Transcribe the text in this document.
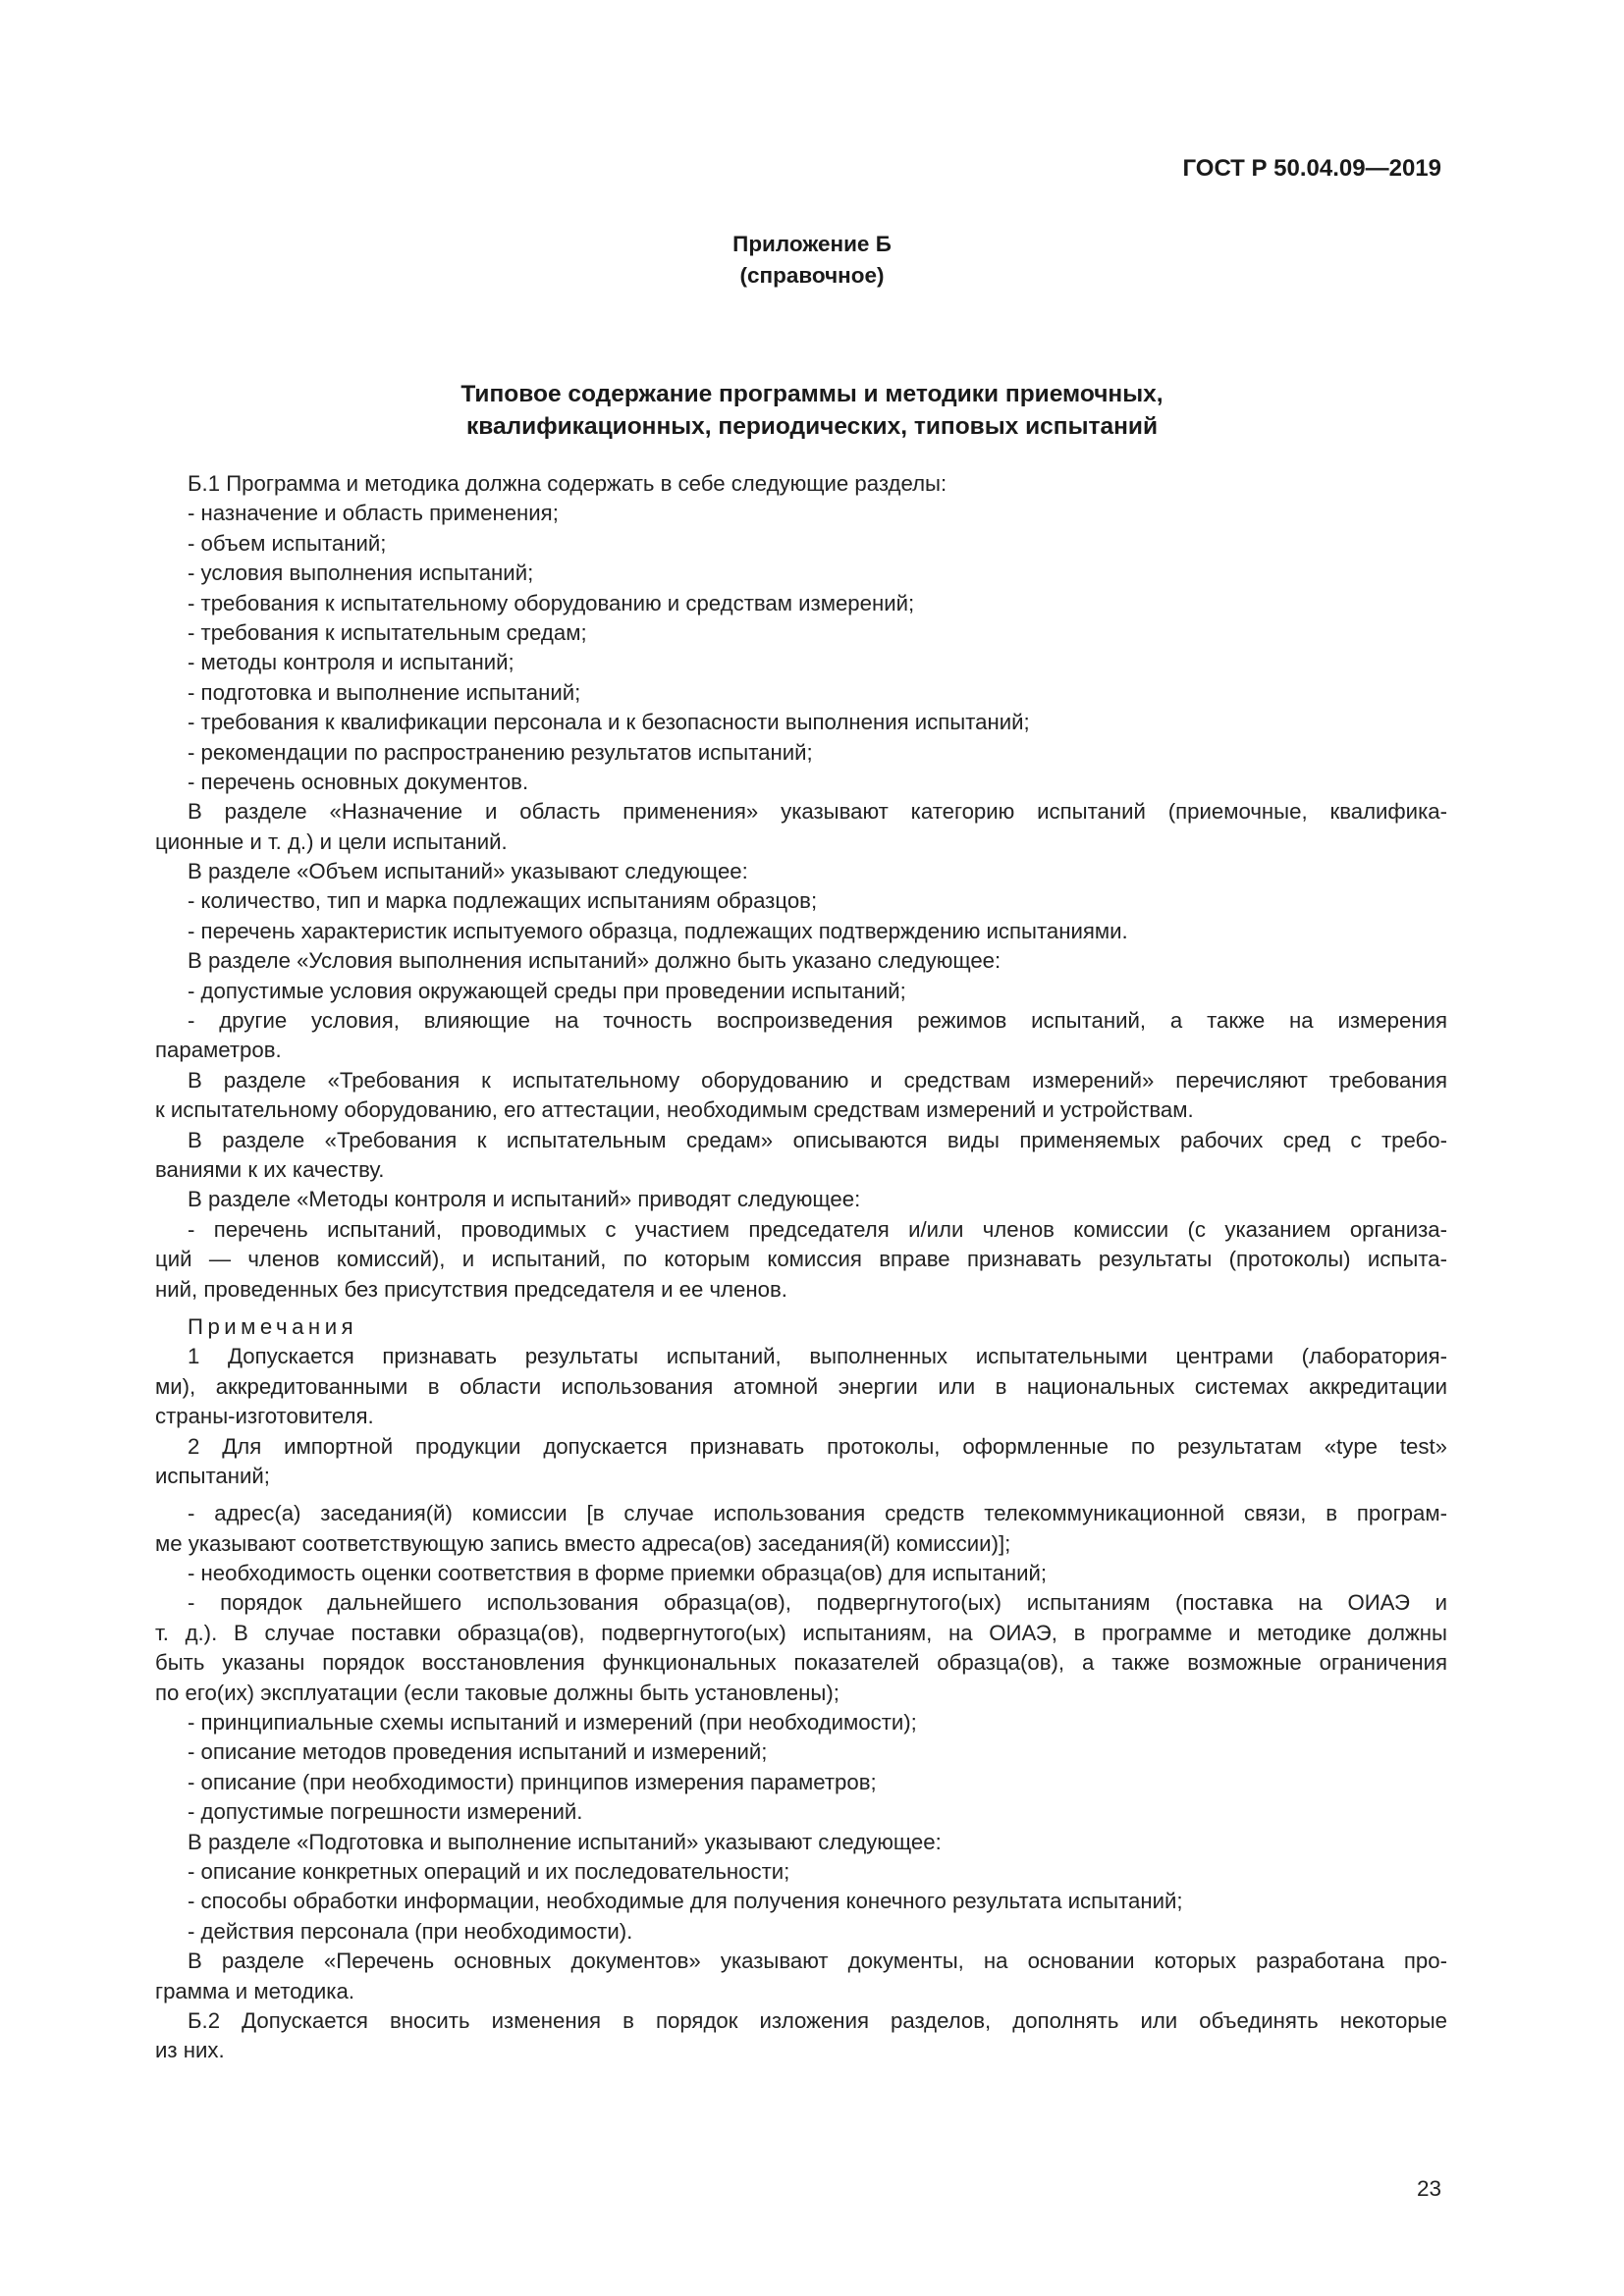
ГОСТ Р 50.04.09—2019
Приложение Б
(справочное)
Типовое содержание программы и методики приемочных,
квалификационных, периодических, типовых испытаний
Б.1 Программа и методика должна содержать в себе следующие разделы:
- назначение и область применения;
- объем испытаний;
- условия выполнения испытаний;
- требования к испытательному оборудованию и средствам измерений;
- требования к испытательным средам;
- методы контроля и испытаний;
- подготовка и выполнение испытаний;
- требования к квалификации персонала и к безопасности выполнения испытаний;
- рекомендации по распространению результатов испытаний;
- перечень основных документов.
В разделе «Назначение и область применения» указывают категорию испытаний (приемочные, квалифика-
ционные и т. д.) и цели испытаний.
В разделе «Объем испытаний» указывают следующее:
- количество, тип и марка подлежащих испытаниям образцов;
- перечень характеристик испытуемого образца, подлежащих подтверждению испытаниями.
В разделе «Условия выполнения испытаний» должно быть указано следующее:
- допустимые условия окружающей среды при проведении испытаний;
- другие условия, влияющие на точность воспроизведения режимов испытаний, а также на измерения
параметров.
В разделе «Требования к испытательному оборудованию и средствам измерений» перечисляют требования
к испытательному оборудованию, его аттестации, необходимым средствам измерений и устройствам.
В разделе «Требования к испытательным средам» описываются виды применяемых рабочих сред с требо-
ваниями к их качеству.
В разделе «Методы контроля и испытаний» приводят следующее:
- перечень испытаний, проводимых с участием председателя и/или членов комиссии (с указанием организа-
ций — членов комиссий), и испытаний, по которым комиссия вправе признавать результаты (протоколы) испыта-
ний, проведенных без присутствия председателя и ее членов.
Примечания
1 Допускается признавать результаты испытаний, выполненных испытательными центрами (лаборатория-
ми), аккредитованными в области использования атомной энергии или в национальных системах аккредитации
страны-изготовителя.
2 Для импортной продукции допускается признавать протоколы, оформленные по результатам «type test»
испытаний;
- адрес(а) заседания(й) комиссии [в случае использования средств телекоммуникационной связи, в програм-
ме указывают соответствующую запись вместо адреса(ов) заседания(й) комиссии)];
- необходимость оценки соответствия в форме приемки образца(ов) для испытаний;
- порядок дальнейшего использования образца(ов), подвергнутого(ых) испытаниям (поставка на ОИАЭ и
т. д.). В случае поставки образца(ов), подвергнутого(ых) испытаниям, на ОИАЭ, в программе и методике должны
быть указаны порядок восстановления функциональных показателей образца(ов), а также возможные ограничения
по его(их) эксплуатации (если таковые должны быть установлены);
- принципиальные схемы испытаний и измерений (при необходимости);
- описание методов проведения испытаний и измерений;
- описание (при необходимости) принципов измерения параметров;
- допустимые погрешности измерений.
В разделе «Подготовка и выполнение испытаний» указывают следующее:
- описание конкретных операций и их последовательности;
- способы обработки информации, необходимые для получения конечного результата испытаний;
- действия персонала (при необходимости).
В разделе «Перечень основных документов» указывают документы, на основании которых разработана про-
грамма и методика.
Б.2 Допускается вносить изменения в порядок изложения разделов, дополнять или объединять некоторые
из них.
23
